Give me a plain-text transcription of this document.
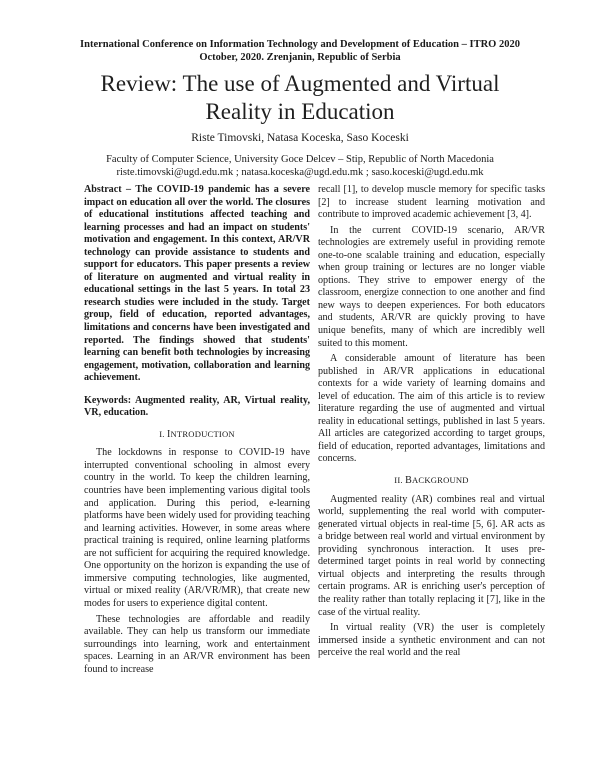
International Conference on Information Technology and Development of Education – ITRO 2020
October, 2020. Zrenjanin, Republic of Serbia
Review: The use of Augmented and Virtual
Reality in Education
Riste Timovski, Natasa Koceska, Saso Koceski
Faculty of Computer Science, University Goce Delcev – Stip, Republic of North Macedonia
riste.timovski@ugd.edu.mk ; natasa.koceska@ugd.edu.mk ; saso.koceski@ugd.edu.mk

Abstract – The COVID-19 pandemic has a severe impact on education all over the world. The closures of educational institutions affected teaching and learning processes and had an impact on students' motivation and engagement. In this context, AR/VR technology can provide assistance to students and support for educators. This paper presents a review of literature on augmented and virtual reality in educational settings in the last 5 years. In total 23 research studies were included in the study. Target group, field of education, reported advantages, limitations and concerns have been investigated and reported. The findings showed that students' learning can benefit both technologies by increasing engagement, motivation, collaboration and learning achievement.

Keywords: Augmented reality, AR, Virtual reality, VR, education.

I. INTRODUCTION

The lockdowns in response to COVID-19 have interrupted conventional schooling in almost every country in the world. To keep the children learning, countries have been implementing various digital tools and application. During this period, e-learning platforms have been widely used for providing teaching and learning activities. However, in some areas where practical training is required, online learning platforms are not sufficient for acquiring the required knowledge. One opportunity on the horizon is expanding the use of immersive computing technologies, like augmented, virtual or mixed reality (AR/VR/MR), that create new modes for users to experience digital content.

These technologies are affordable and readily available. They can help us transform our immediate surroundings into learning, work and entertainment spaces. Learning in an AR/VR environment has been found to increase

recall [1], to develop muscle memory for specific tasks [2] to increase student learning motivation and contribute to improved academic achievement [3, 4].

In the current COVID-19 scenario, AR/VR technologies are extremely useful in providing remote one-to-one scalable training and education, especially when group training or lectures are no longer viable options. They strive to empower energy of the classroom, energize connection to one another and find new ways to deepen experiences. For both educators and students, AR/VR are quickly proving to have unique benefits, many of which are incredibly well suited to this moment.

A considerable amount of literature has been published in AR/VR applications in educational contexts for a wide variety of learning domains and level of education. The aim of this article is to review literature regarding the use of augmented and virtual reality in educational settings, published in last 5 years. All articles are categorized according to target groups, field of education, reported advantages, limitations and concerns.

II. BACKGROUND

Augmented reality (AR) combines real and virtual world, supplementing the real world with computer-generated virtual objects in real-time [5, 6]. AR acts as a bridge between real world and virtual environment by providing synchronous interaction. It uses pre-determined target points in real world by connecting virtual objects and interpreting the results through certain programs. AR is enriching user's perception of the reality rather than totally replacing it [7], like in the case of the virtual reality.

In virtual reality (VR) the user is completely immersed inside a synthetic environment and can not perceive the real world and the real
